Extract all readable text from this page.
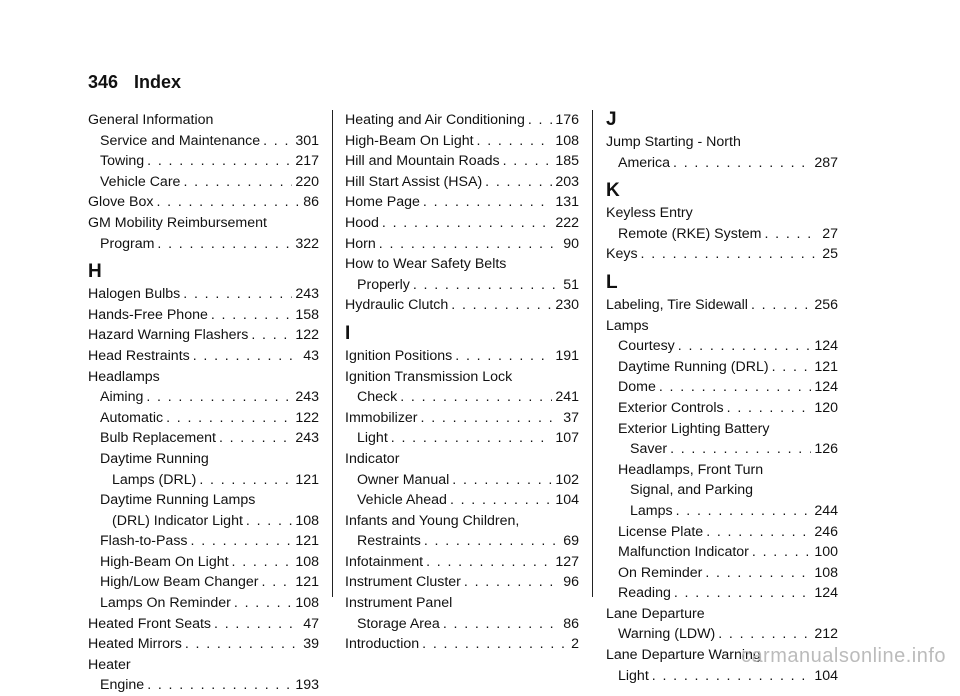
346 Index
General Information
Service and Maintenance . . . 301
Towing . . .	217
Vehicle Care . . .	220
Glove Box . . .	86
GM Mobility Reimbursement
Program . . .	322
H
Halogen Bulbs . . .	243
Hands-Free Phone . . .	158
Hazard Warning Flashers . . .	122
Head Restraints . . .	43
Headlamps
Aiming . . .	243
Automatic . . .	122
Bulb Replacement . . .	243
Daytime Running
Lamps (DRL) . . .	121
Daytime Running Lamps
(DRL) Indicator Light . . .	108
Flash-to-Pass . . .	121
High-Beam On Light . . .	108
High/Low Beam Changer . . .	121
Lamps On Reminder . . .	108
Heated Front Seats . . .	47
Heated Mirrors . . .	39
Heater
Engine . . .	193
Heating and Air Conditioning . . . 176
High-Beam On Light . . .	108
Hill and Mountain Roads . . .	185
Hill Start Assist (HSA) . . .	203
Home Page . . .	131
Hood . . .	222
Horn . . .	90
How to Wear Safety Belts
Properly . . .	51
Hydraulic Clutch . . .	230
I
Ignition Positions . . .	191
Ignition Transmission Lock
Check . . .	241
Immobilizer . . .	37
Light . . .	107
Indicator
Owner Manual . . .	102
Vehicle Ahead . . .	104
Infants and Young Children,
Restraints . . .	69
Infotainment . . .	127
Instrument Cluster . . .	96
Instrument Panel
Storage Area . . .	86
Introduction . . .	2
J
Jump Starting - North
America . . .	287
K
Keyless Entry
Remote (RKE) System . . .	27
Keys . . .	25
L
Labeling, Tire Sidewall . . .	256
Lamps
Courtesy . . .	124
Daytime Running (DRL) . . .	121
Dome . . .	124
Exterior Controls . . .	120
Exterior Lighting Battery
Saver . . .	126
Headlamps, Front Turn
Signal, and Parking
Lamps . . .	244
License Plate . . .	246
Malfunction Indicator . . .	100
On Reminder . . .	108
Reading . . .	124
Lane Departure
Warning (LDW) . . .	212
Lane Departure Warning
Light . . .	104
carmanualsonline.info
